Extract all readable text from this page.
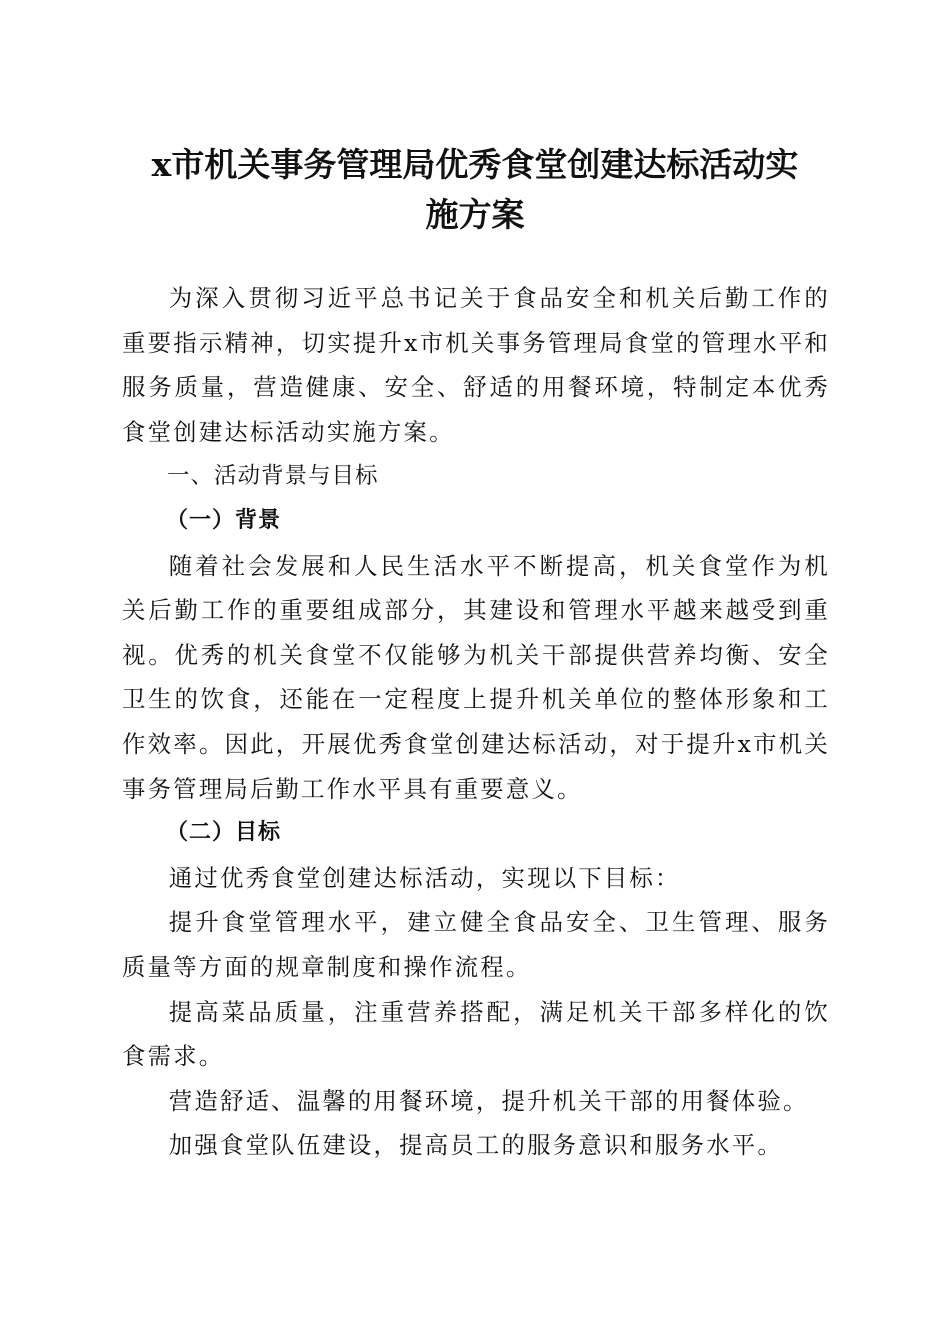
x市机关事务管理局优秀食堂创建达标活动实
施方案

为深入贯彻习近平总书记关于食品安全和机关后勤工作的重要指示精神，切实提升x市机关事务管理局食堂的管理水平和服务质量，营造健康、安全、舒适的用餐环境，特制定本优秀食堂创建达标活动实施方案。

一、活动背景与目标
（一）背景

随着社会发展和人民生活水平不断提高，机关食堂作为机关后勤工作的重要组成部分，其建设和管理水平越来越受到重视。优秀的机关食堂不仅能够为机关干部提供营养均衡、安全卫生的饮食，还能在一定程度上提升机关单位的整体形象和工作效率。因此，开展优秀食堂创建达标活动，对于提升x市机关事务管理局后勤工作水平具有重要意义。

（二）目标

通过优秀食堂创建达标活动，实现以下目标：

提升食堂管理水平，建立健全食品安全、卫生管理、服务质量等方面的规章制度和操作流程。

提高菜品质量，注重营养搭配，满足机关干部多样化的饮食需求。

营造舒适、温馨的用餐环境，提升机关干部的用餐体验。

加强食堂队伍建设，提高员工的服务意识和服务水平。
